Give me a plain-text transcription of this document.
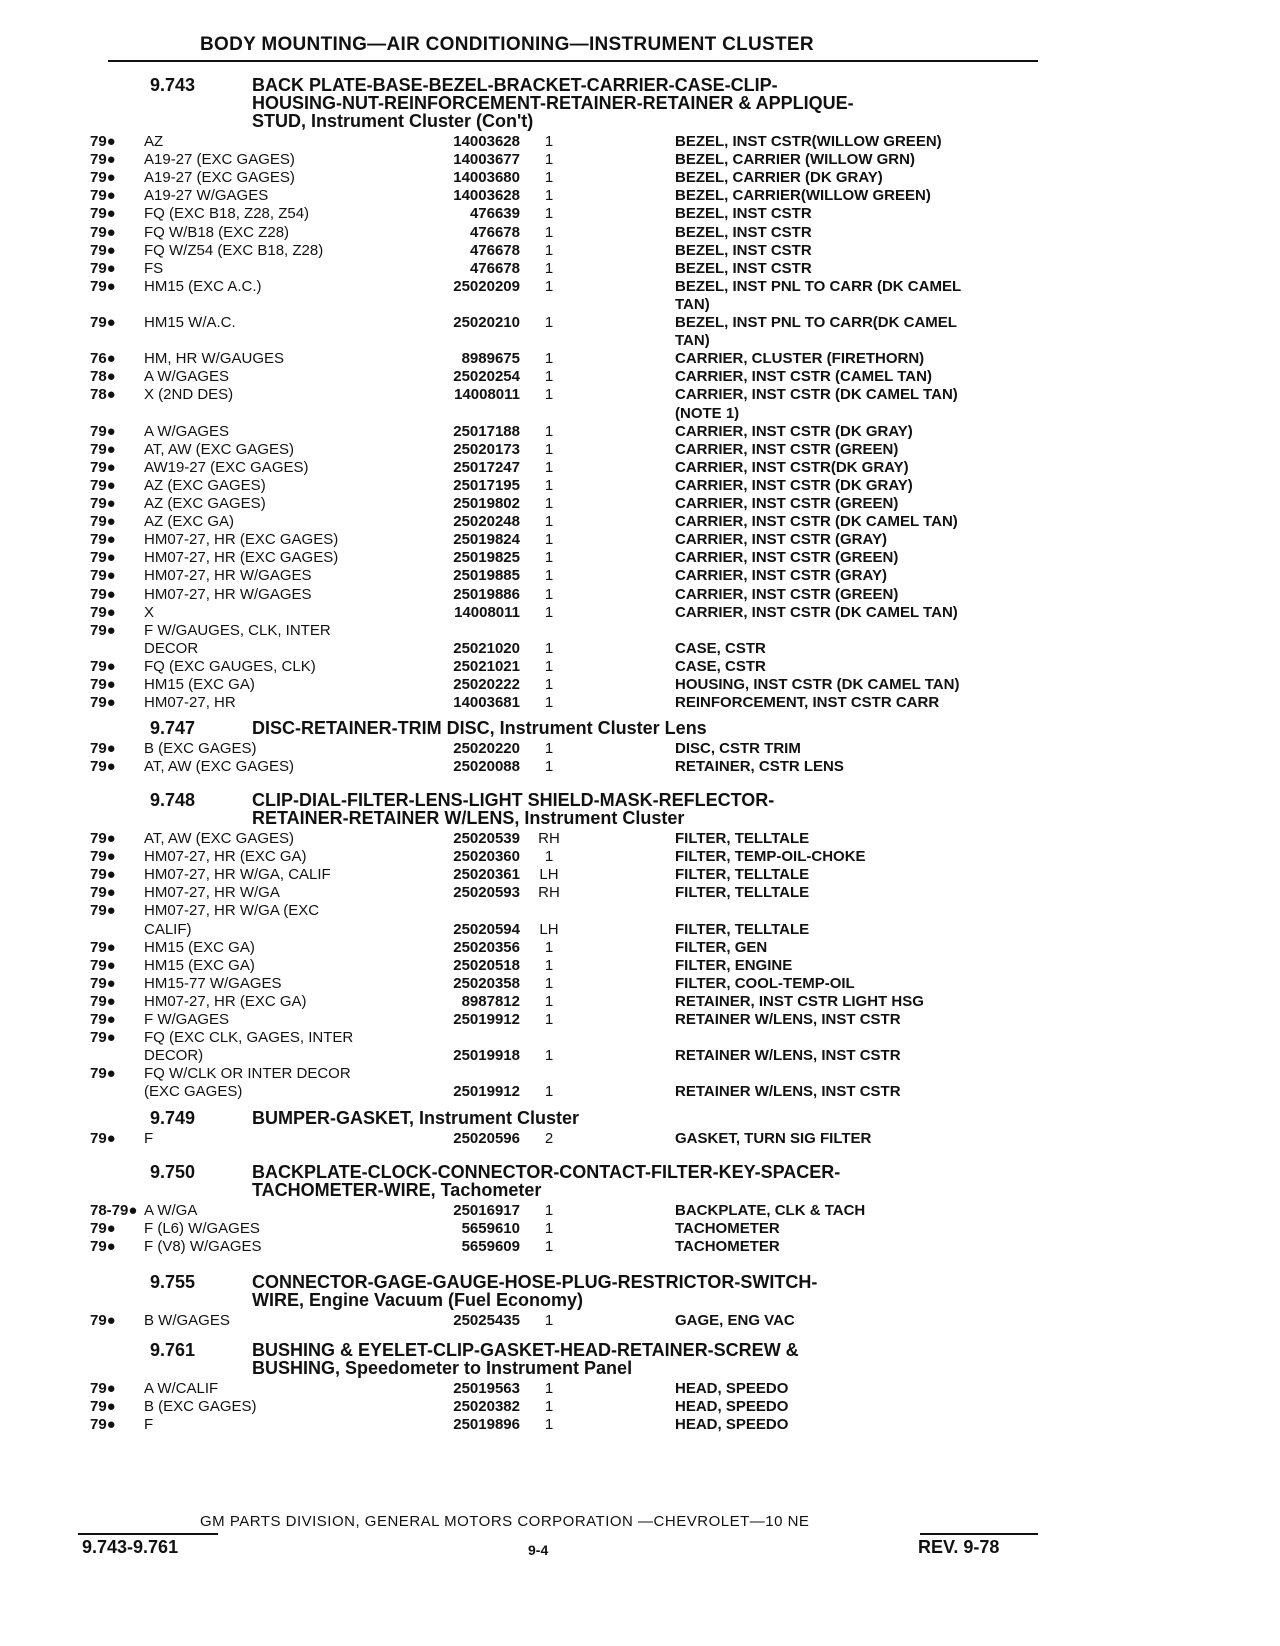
BODY MOUNTING—AIR CONDITIONING—INSTRUMENT CLUSTER
9.743	BACK PLATE-BASE-BEZEL-BRACKET-CARRIER-CASE-CLIP-
HOUSING-NUT-REINFORCEMENT-RETAINER-RETAINER & APPLIQUE-
STUD, Instrument Cluster (Con't)
79● AZ	14003628	1	BEZEL, INST CSTR(WILLOW GREEN)
79● A19-27 (EXC GAGES)	14003677	1	BEZEL, CARRIER (WILLOW GRN)
79● A19-27 (EXC GAGES)	14003680	1	BEZEL, CARRIER (DK GRAY)
79● A19-27 W/GAGES	14003628	1	BEZEL, CARRIER(WILLOW GREEN)
79● FQ (EXC B18, Z28, Z54)	476639	1	BEZEL, INST CSTR
79● FQ W/B18 (EXC Z28)	476678	1	BEZEL, INST CSTR
79● FQ W/Z54 (EXC B18, Z28)	476678	1	BEZEL, INST CSTR
79● FS	476678	1	BEZEL, INST CSTR
79● HM15 (EXC A.C.)	25020209	1	BEZEL, INST PNL TO CARR (DK CAMEL
TAN)
79● HM15 W/A.C.	25020210	1	BEZEL, INST PNL TO CARR(DK CAMEL
TAN)
76● HM, HR W/GAUGES	8989675	1	CARRIER, CLUSTER (FIRETHORN)
78● A W/GAGES	25020254	1	CARRIER, INST CSTR (CAMEL TAN)
78● X (2ND DES)	14008011	1	CARRIER, INST CSTR (DK CAMEL TAN)
(NOTE 1)
79● A W/GAGES	25017188	1	CARRIER, INST CSTR (DK GRAY)
79● AT, AW (EXC GAGES)	25020173	1	CARRIER, INST CSTR (GREEN)
79● AW19-27 (EXC GAGES)	25017247	1	CARRIER, INST CSTR(DK GRAY)
79● AZ (EXC GAGES)	25017195	1	CARRIER, INST CSTR (DK GRAY)
79● AZ (EXC GAGES)	25019802	1	CARRIER, INST CSTR (GREEN)
79● AZ (EXC GA)	25020248	1	CARRIER, INST CSTR (DK CAMEL TAN)
79● HM07-27, HR (EXC GAGES)	25019824	1	CARRIER, INST CSTR (GRAY)
79● HM07-27, HR (EXC GAGES)	25019825	1	CARRIER, INST CSTR (GREEN)
79● HM07-27, HR W/GAGES	25019885	1	CARRIER, INST CSTR (GRAY)
79● HM07-27, HR W/GAGES	25019886	1	CARRIER, INST CSTR (GREEN)
79● X	14008011	1	CARRIER, INST CSTR (DK CAMEL TAN)
79● F W/GAUGES, CLK, INTER
DECOR	25021020	1	CASE, CSTR
79● FQ (EXC GAUGES, CLK)	25021021	1	CASE, CSTR
79● HM15 (EXC GA)	25020222	1	HOUSING, INST CSTR (DK CAMEL TAN)
79● HM07-27, HR	14003681	1	REINFORCEMENT, INST CSTR CARR
9.747	DISC-RETAINER-TRIM DISC, Instrument Cluster Lens
79● B (EXC GAGES)	25020220	1	DISC, CSTR TRIM
79● AT, AW (EXC GAGES)	25020088	1	RETAINER, CSTR LENS
9.748	CLIP-DIAL-FILTER-LENS-LIGHT SHIELD-MASK-REFLECTOR-
RETAINER-RETAINER W/LENS, Instrument Cluster
79● AT, AW (EXC GAGES)	25020539 RH	FILTER, TELLTALE
79● HM07-27, HR (EXC GA)	25020360	1	FILTER, TEMP-OIL-CHOKE
79● HM07-27, HR W/GA, CALIF	25020361 LH	FILTER, TELLTALE
79● HM07-27, HR W/GA	25020593 RH	FILTER, TELLTALE
79● HM07-27, HR W/GA (EXC
CALIF)	25020594 LH	FILTER, TELLTALE
79● HM15 (EXC GA)	25020356	1	FILTER, GEN
79● HM15 (EXC GA)	25020518	1	FILTER, ENGINE
79● HM15-77 W/GAGES	25020358	1	FILTER, COOL-TEMP-OIL
79● HM07-27, HR (EXC GA)	8987812	1	RETAINER, INST CSTR LIGHT HSG
79● F W/GAGES	25019912	1	RETAINER W/LENS, INST CSTR
79● FQ (EXC CLK, GAGES, INTER
DECOR)	25019918	1	RETAINER W/LENS, INST CSTR
79● FQ W/CLK OR INTER DECOR
(EXC GAGES)	25019912	1	RETAINER W/LENS, INST CSTR
9.749	BUMPER-GASKET, Instrument Cluster
79● F	25020596	2	GASKET, TURN SIG FILTER
9.750	BACKPLATE-CLOCK-CONNECTOR-CONTACT-FILTER-KEY-SPACER-
TACHOMETER-WIRE, Tachometer
78-79● A W/GA	25016917	1	BACKPLATE, CLK & TACH
79● F (L6) W/GAGES	5659610	1	TACHOMETER
79● F (V8) W/GAGES	5659609	1	TACHOMETER
9.755	CONNECTOR-GAGE-GAUGE-HOSE-PLUG-RESTRICTOR-SWITCH-
WIRE, Engine Vacuum (Fuel Economy)
79● B W/GAGES	25025435	1	GAGE, ENG VAC
9.761	BUSHING & EYELET-CLIP-GASKET-HEAD-RETAINER-SCREW &
BUSHING, Speedometer to Instrument Panel
79● A W/CALIF	25019563	1	HEAD, SPEEDO
79● B (EXC GAGES)	25020382	1	HEAD, SPEEDO
79● F	25019896	1	HEAD, SPEEDO
GM PARTS DIVISION, GENERAL MOTORS CORPORATION —CHEVROLET—10 NE
9.743-9.761	9-4	REV. 9-78
